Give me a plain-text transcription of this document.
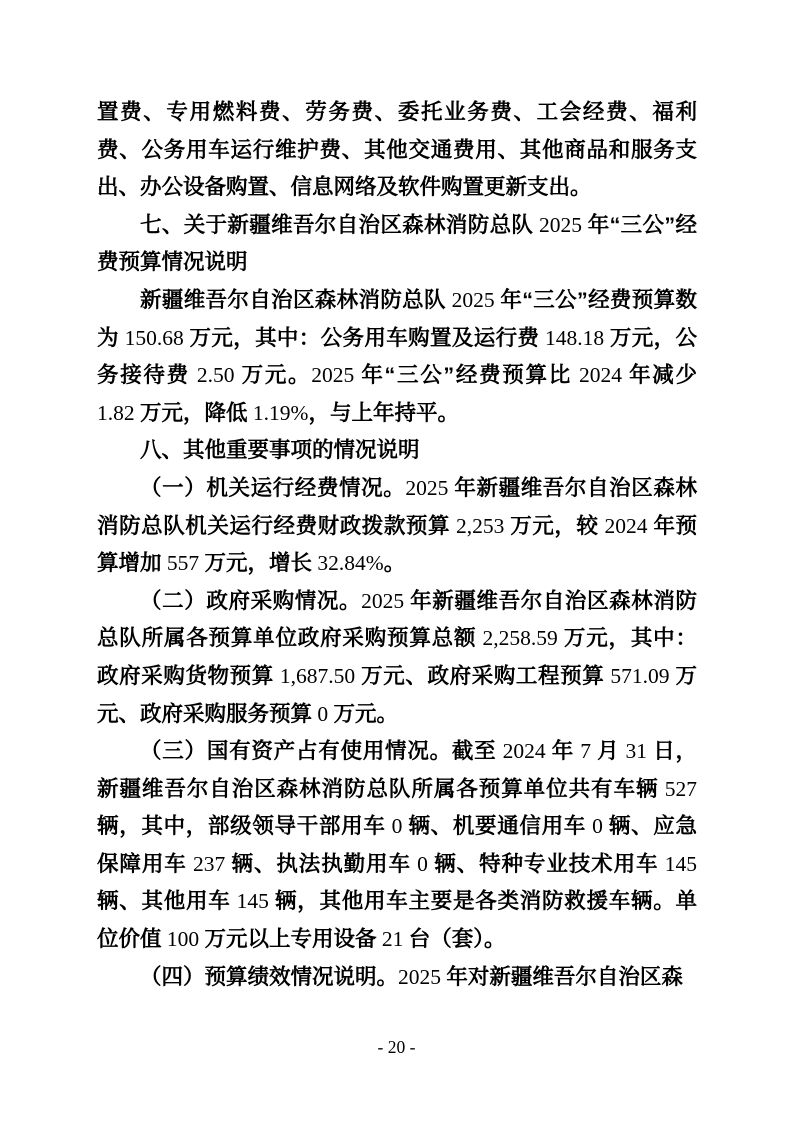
置费、专用燃料费、劳务费、委托业务费、工会经费、福利费、公务用车运行维护费、其他交通费用、其他商品和服务支出、办公设备购置、信息网络及软件购置更新支出。

七、关于新疆维吾尔自治区森林消防总队 2025 年“三公”经费预算情况说明

新疆维吾尔自治区森林消防总队 2025 年“三公”经费预算数为 150.68 万元，其中：公务用车购置及运行费 148.18 万元，公务接待费 2.50 万元。2025 年“三公”经费预算比 2024 年减少 1.82 万元，降低 1.19%，与上年持平。

八、其他重要事项的情况说明

（一）机关运行经费情况。2025 年新疆维吾尔自治区森林消防总队机关运行经费财政拨款预算 2,253 万元，较 2024 年预算增加 557 万元，增长 32.84%。

（二）政府采购情况。2025 年新疆维吾尔自治区森林消防总队所属各预算单位政府采购预算总额 2,258.59 万元，其中：政府采购货物预算 1,687.50 万元、政府采购工程预算 571.09 万元、政府采购服务预算 0 万元。

（三）国有资产占有使用情况。截至 2024 年 7 月 31 日，新疆维吾尔自治区森林消防总队所属各预算单位共有车辆 527 辆，其中，部级领导干部用车 0 辆、机要通信用车 0 辆、应急保障用车 237 辆、执法执勤用车 0 辆、特种专业技术用车 145 辆、其他用车 145 辆，其他用车主要是各类消防救援车辆。单位价值 100 万元以上专用设备 21 台（套）。

（四）预算绩效情况说明。2025 年对新疆维吾尔自治区森

- 20 -
